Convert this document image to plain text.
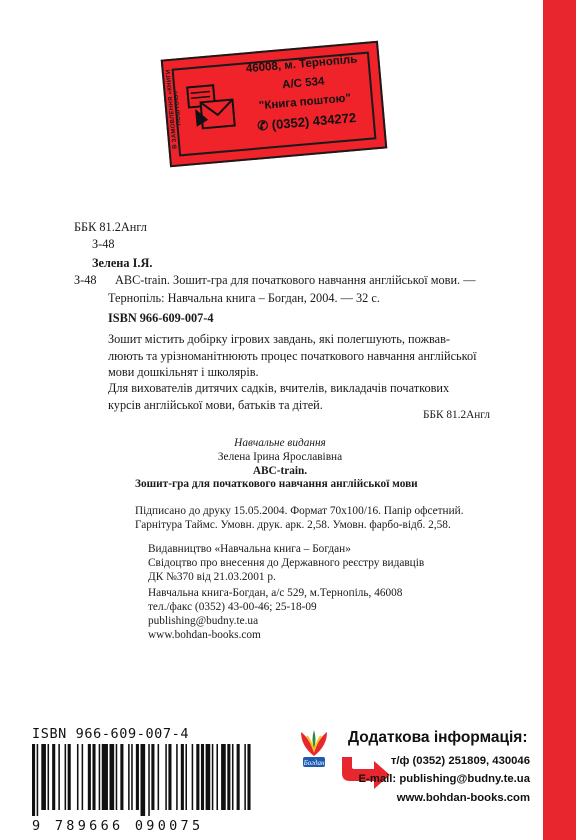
В ЗАМОВЛЕННЯ «КНИГИ ПОШТОЮ»
46008, м. Тернопіль
А/С 534
"Книга поштою"
✆ (0352) 434272
ББК 81.2Англ
З-48
Зелена І.Я.
З-48 ABC-train. Зошит-гра для початкового навчання англійської мови. —
Тернопіль: Навчальна книга – Богдан, 2004. — 32 с.
ISBN 966-609-007-4
Зошит містить добірку ігрових завдань, які полегшують, пожвав-
люють та урізноманітнюють процес початкового навчання англійської
мови дошкільнят і школярів.
Для вихователів дитячих садків, вчителів, викладачів початкових
курсів англійської мови, батьків та дітей.
ББК 81.2Англ
Навчальне видання
Зелена Ірина Ярославівна
ABC-train.
Зошит-гра для початкового навчання англійської мови
Підписано до друку 15.05.2004. Формат 70x100/16. Папір офсетний.
Гарнітура Таймс. Умовн. друк. арк. 2,58. Умовн. фарбо-відб. 2,58.
Видавництво «Навчальна книга – Богдан»
Свідоцтво про внесення до Державного реєстру видавців
ДК №370 від 21.03.2001 р.
Навчальна книга-Богдан, а/с 529, м.Тернопіль, 46008
тел./факс (0352) 43-00-46; 25-18-09
publishing@budny.te.ua
www.bohdan-books.com
ISBN 966-609-007-4
9 789666 090075
Богдан
Додаткова інформація:
т/ф (0352) 251809, 430046
E-mail: publishing@budny.te.ua
www.bohdan-books.com
